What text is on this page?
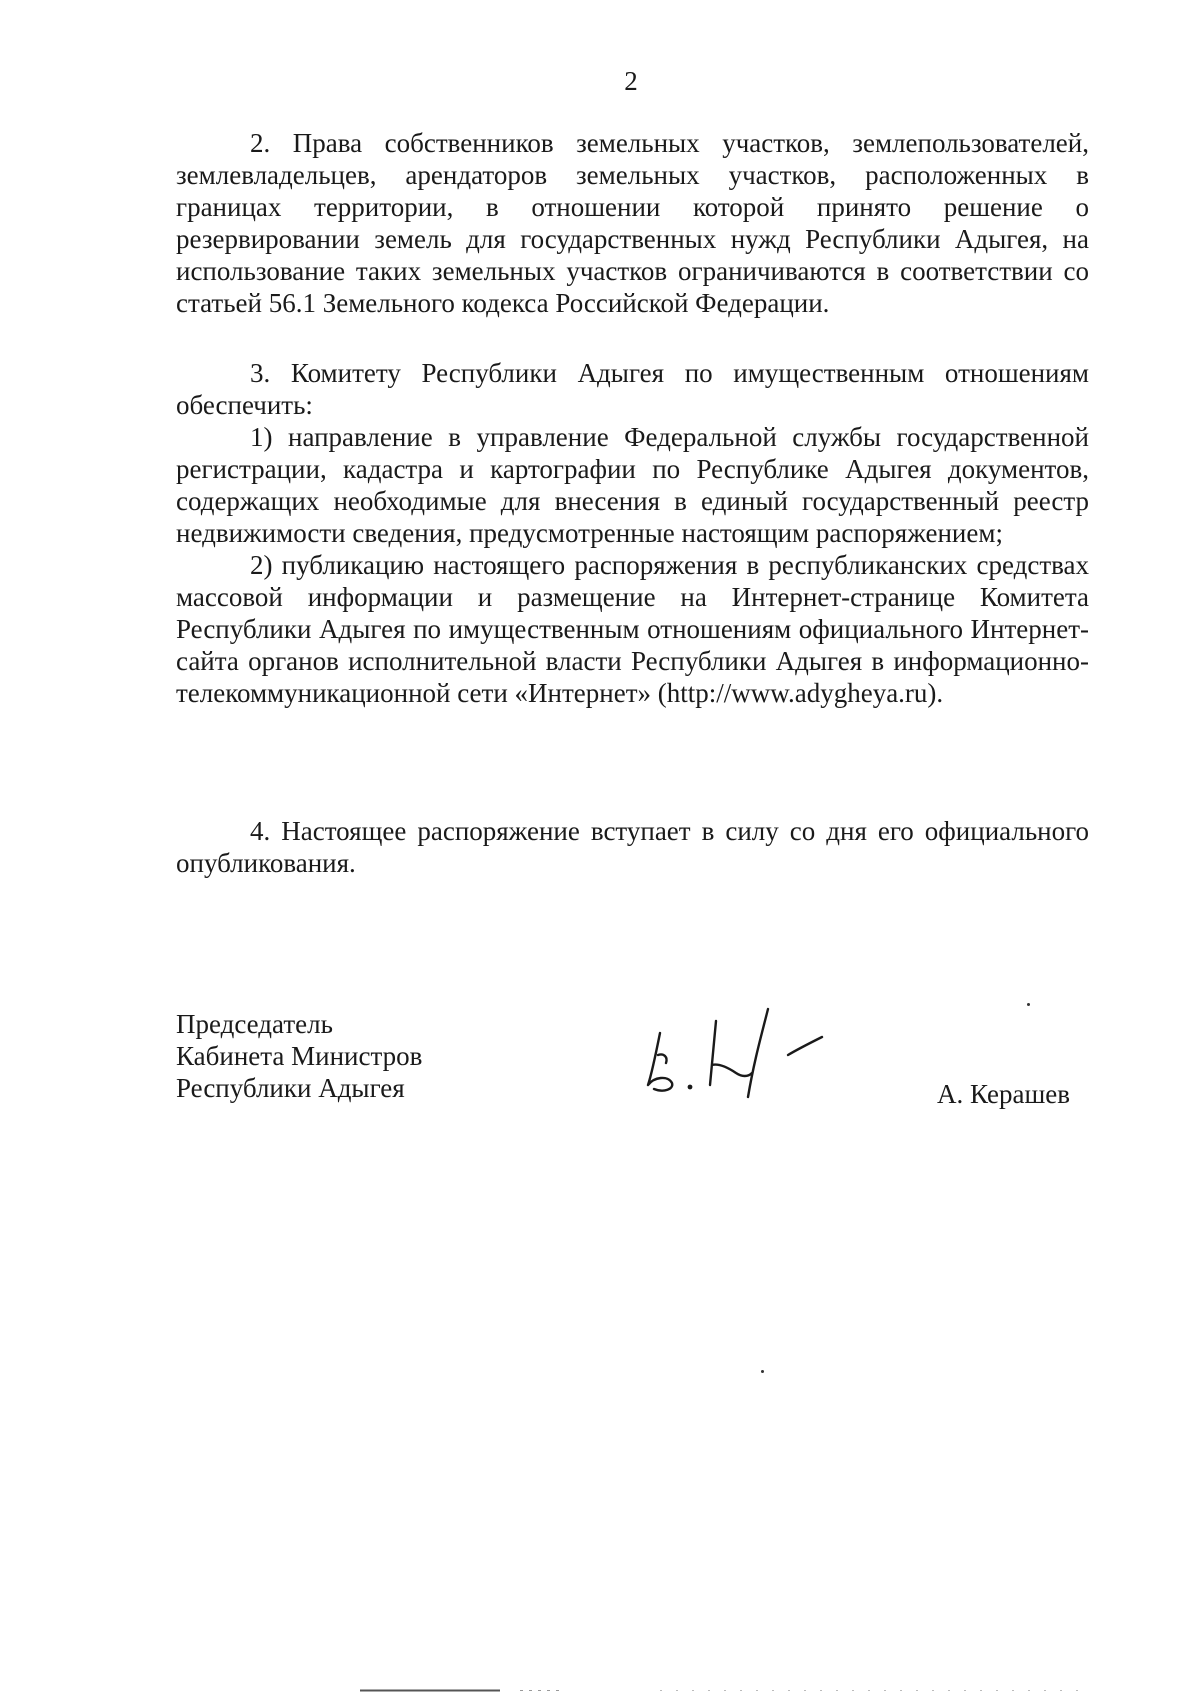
2

2. Права собственников земельных участков, землепользователей, землевладельцев, арендаторов земельных участков, расположенных в границах территории, в отношении которой принято решение о резервировании земель для государственных нужд Республики Адыгея, на использование таких земельных участков ограничиваются в соответствии со статьей 56.1 Земельного кодекса Российской Федерации.

3. Комитету Республики Адыгея по имущественным отношениям обеспечить:

1) направление в управление Федеральной службы государственной регистрации, кадастра и картографии по Республике Адыгея документов, содержащих необходимые для внесения в единый государственный реестр недвижимости сведения, предусмотренные настоящим распоряжением;

2) публикацию настоящего распоряжения в республиканских средствах массовой информации и размещение на Интернет-странице Комитета Республики Адыгея по имущественным отношениям официального Интернет-сайта органов исполнительной власти Республики Адыгея в информационно-телекоммуникационной сети «Интернет» (http://www.adygheya.ru).

4. Настоящее распоряжение вступает в силу со дня его официального опубликования.

Председатель
Кабинета Министров
Республики Адыгея	А. Керашев
